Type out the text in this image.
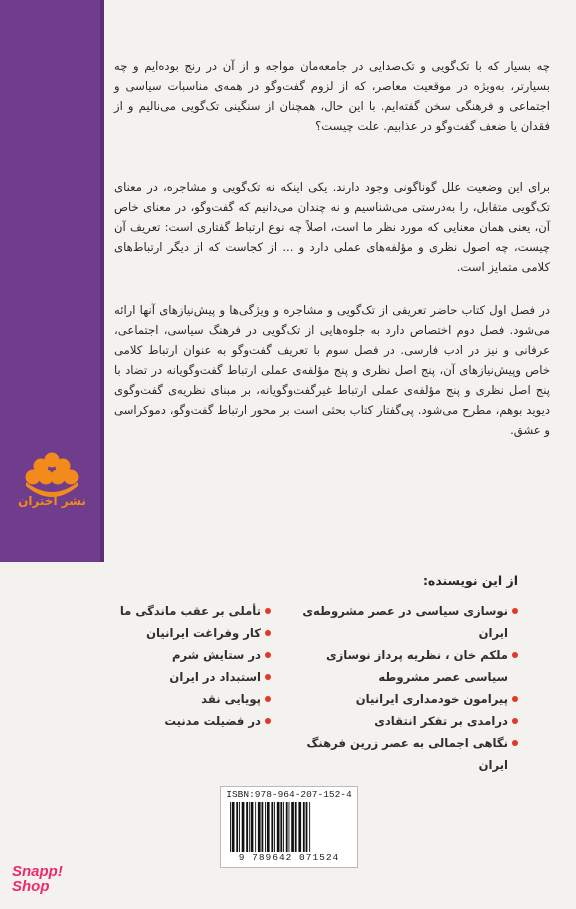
چه بسیار که با تک‌گویی و تک‌صدایی در جامعه‌مان مواجه و از آن در رنج بوده‌ایم و چه بسیارتر، به‌ویژه در موقعیت معاصر، که از لزوم گفت‌وگو در همه‌ی مناسبات سیاسی و اجتماعی و فرهنگی سخن گفته‌ایم. با این حال، همچنان از سنگینی تک‌گویی می‌نالیم و از فقدان یا ضعف گفت‌وگو در عذابیم. علت چیست؟

برای این وضعیت علل گوناگونی وجود دارند. یکی اینکه نه تک‌گویی و مشاجره، در معنای تک‌گویی متقابل، را به‌درستی می‌شناسیم و نه چندان می‌دانیم که گفت‌وگو، در معنای خاص آن، یعنی همان معنایی که مورد نظر ما است، اصلاً چه نوع ارتباط گفتاری است: تعریف آن چیست، چه اصول نظری و مؤلفه‌های عملی دارد و ... از کجاست که از دیگر ارتباط‌های کلامی متمایز است.

در فصل اول کتاب حاضر تعریفی از تک‌گویی و مشاجره و ویژگی‌ها و پیش‌نیازهای آنها ارائه می‌شود. فصل دوم اختصاص دارد به جلوه‌هایی از تک‌گویی در فرهنگ سیاسی، اجتماعی، عرفانی و نیز در ادب فارسی. در فصل سوم با تعریف گفت‌وگو به عنوان ارتباط کلامی خاص وپیش‌نیازهای آن، پنج اصل نظری و پنج مؤلفه‌ی عملی ارتباط گفت‌وگویانه در تضاد با پنج اصل نظری و پنج مؤلفه‌ی عملی ارتباط غیرگفت‌وگویانه، بر مبنای نظریه‌ی گفت‌وگوی دیوید بوهم، مطرح می‌شود. پی‌گفتار کتاب بحثی است بر محور ارتباط گفت‌وگو، دموکراسی و عشق.

نشر اختران
از این نویسنده:
نوسازی سیاسی در عصر مشروطه‌ی ایران
ملکم خان ، نظریه پرداز نوسازی سیاسی عصر مشروطه
پیرامون خودمداری ایرانیان
درامدی بر تفکر انتقادی
نگاهی اجمالی به عصر زرین فرهنگ ایران
تأملی بر عقب ماندگی ما
کار وفراغت ایرانیان
در ستایش شرم
استبداد در ایران
پویایی نقد
در فضیلت مدنیت
ISBN:978-964-207-152-4
9 789642 071524
Snapp!
Shop
